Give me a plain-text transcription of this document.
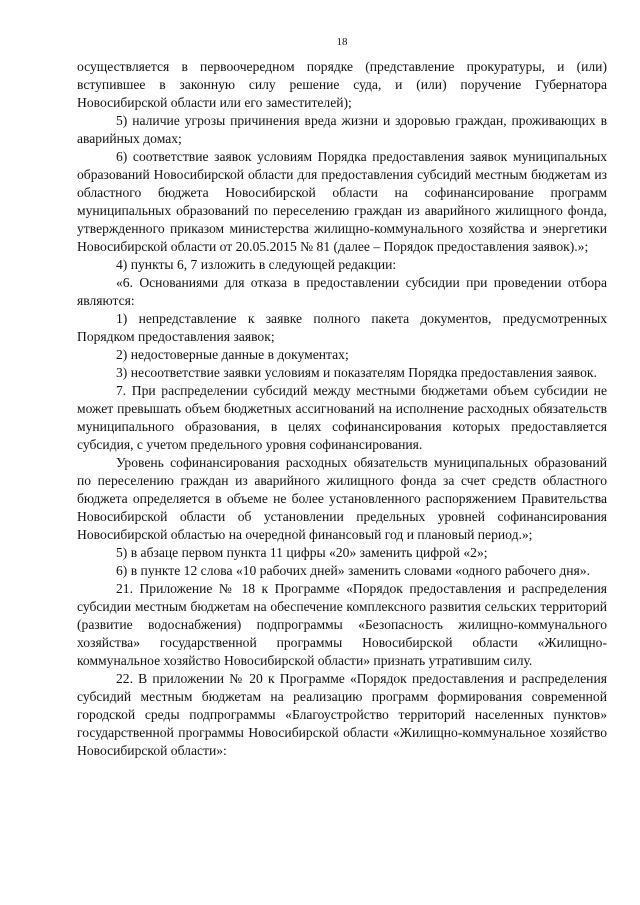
18

осуществляется в первоочередном порядке (представление прокуратуры, и (или) вступившее в законную силу решение суда, и (или) поручение Губернатора Новосибирской области или его заместителей);

5) наличие угрозы причинения вреда жизни и здоровью граждан, проживающих в аварийных домах;

6) соответствие заявок условиям Порядка предоставления заявок муниципальных образований Новосибирской области для предоставления субсидий местным бюджетам из областного бюджета Новосибирской области на софинансирование программ муниципальных образований по переселению граждан из аварийного жилищного фонда, утвержденного приказом министерства жилищно-коммунального хозяйства и энергетики Новосибирской области от 20.05.2015 № 81 (далее – Порядок предоставления заявок).»;

4) пункты 6, 7 изложить в следующей редакции:

«6. Основаниями для отказа в предоставлении субсидии при проведении отбора являются:

1) непредставление к заявке полного пакета документов, предусмотренных Порядком предоставления заявок;

2) недостоверные данные в документах;

3) несоответствие заявки условиям и показателям Порядка предоставления заявок.

7. При распределении субсидий между местными бюджетами объем субсидии не может превышать объем бюджетных ассигнований на исполнение расходных обязательств муниципального образования, в целях софинансирования которых предоставляется субсидия, с учетом предельного уровня софинансирования.

Уровень софинансирования расходных обязательств муниципальных образований по переселению граждан из аварийного жилищного фонда за счет средств областного бюджета определяется в объеме не более установленного распоряжением Правительства Новосибирской области об установлении предельных уровней софинансирования Новосибирской областью на очередной финансовый год и плановый период.»;

5) в абзаце первом пункта 11 цифры «20» заменить цифрой «2»;

6) в пункте 12 слова «10 рабочих дней» заменить словами «одного рабочего дня».

21. Приложение № 18 к Программе «Порядок предоставления и распределения субсидии местным бюджетам на обеспечение комплексного развития сельских территорий (развитие водоснабжения) подпрограммы «Безопасность жилищно-коммунального хозяйства» государственной программы Новосибирской области «Жилищно-коммунальное хозяйство Новосибирской области» признать утратившим силу.

22. В приложении № 20 к Программе «Порядок предоставления и распределения субсидий местным бюджетам на реализацию программ формирования современной городской среды подпрограммы «Благоустройство территорий населенных пунктов» государственной программы Новосибирской области «Жилищно-коммунальное хозяйство Новосибирской области»:
